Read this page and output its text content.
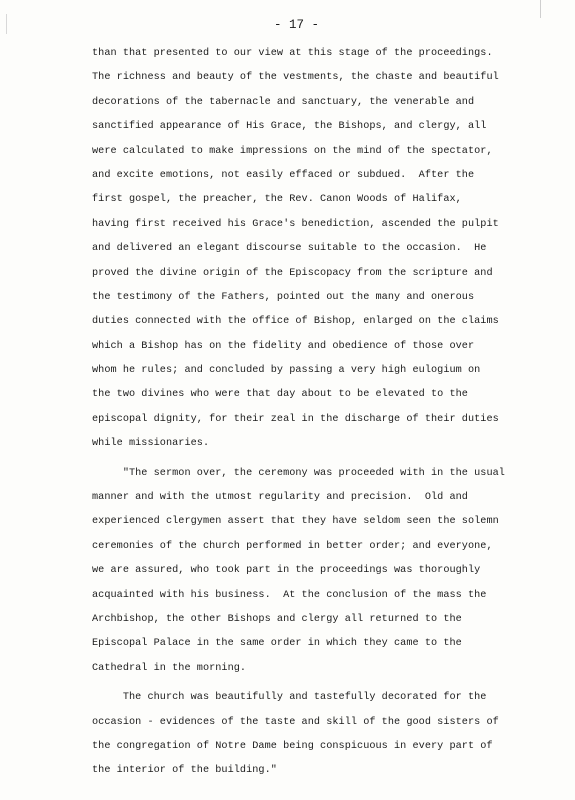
- 17 -
than that presented to our view at this stage of the proceedings.
The richness and beauty of the vestments, the chaste and beautiful
decorations of the tabernacle and sanctuary, the venerable and
sanctified appearance of His Grace, the Bishops, and clergy, all
were calculated to make impressions on the mind of the spectator,
and excite emotions, not easily effaced or subdued.  After the
first gospel, the preacher, the Rev. Canon Woods of Halifax,
having first received his Grace's benediction, ascended the pulpit
and delivered an elegant discourse suitable to the occasion.  He
proved the divine origin of the Episcopacy from the scripture and
the testimony of the Fathers, pointed out the many and onerous
duties connected with the office of Bishop, enlarged on the claims
which a Bishop has on the fidelity and obedience of those over
whom he rules; and concluded by passing a very high eulogium on
the two divines who were that day about to be elevated to the
episcopal dignity, for their zeal in the discharge of their duties
while missionaries.
"The sermon over, the ceremony was proceeded with in the usual
manner and with the utmost regularity and precision.  Old and
experienced clergymen assert that they have seldom seen the solemn
ceremonies of the church performed in better order; and everyone,
we are assured, who took part in the proceedings was thoroughly
acquainted with his business.  At the conclusion of the mass the
Archbishop, the other Bishops and clergy all returned to the
Episcopal Palace in the same order in which they came to the
Cathedral in the morning.
The church was beautifully and tastefully decorated for the
occasion - evidences of the taste and skill of the good sisters of
the congregation of Notre Dame being conspicuous in every part of
the interior of the building."
